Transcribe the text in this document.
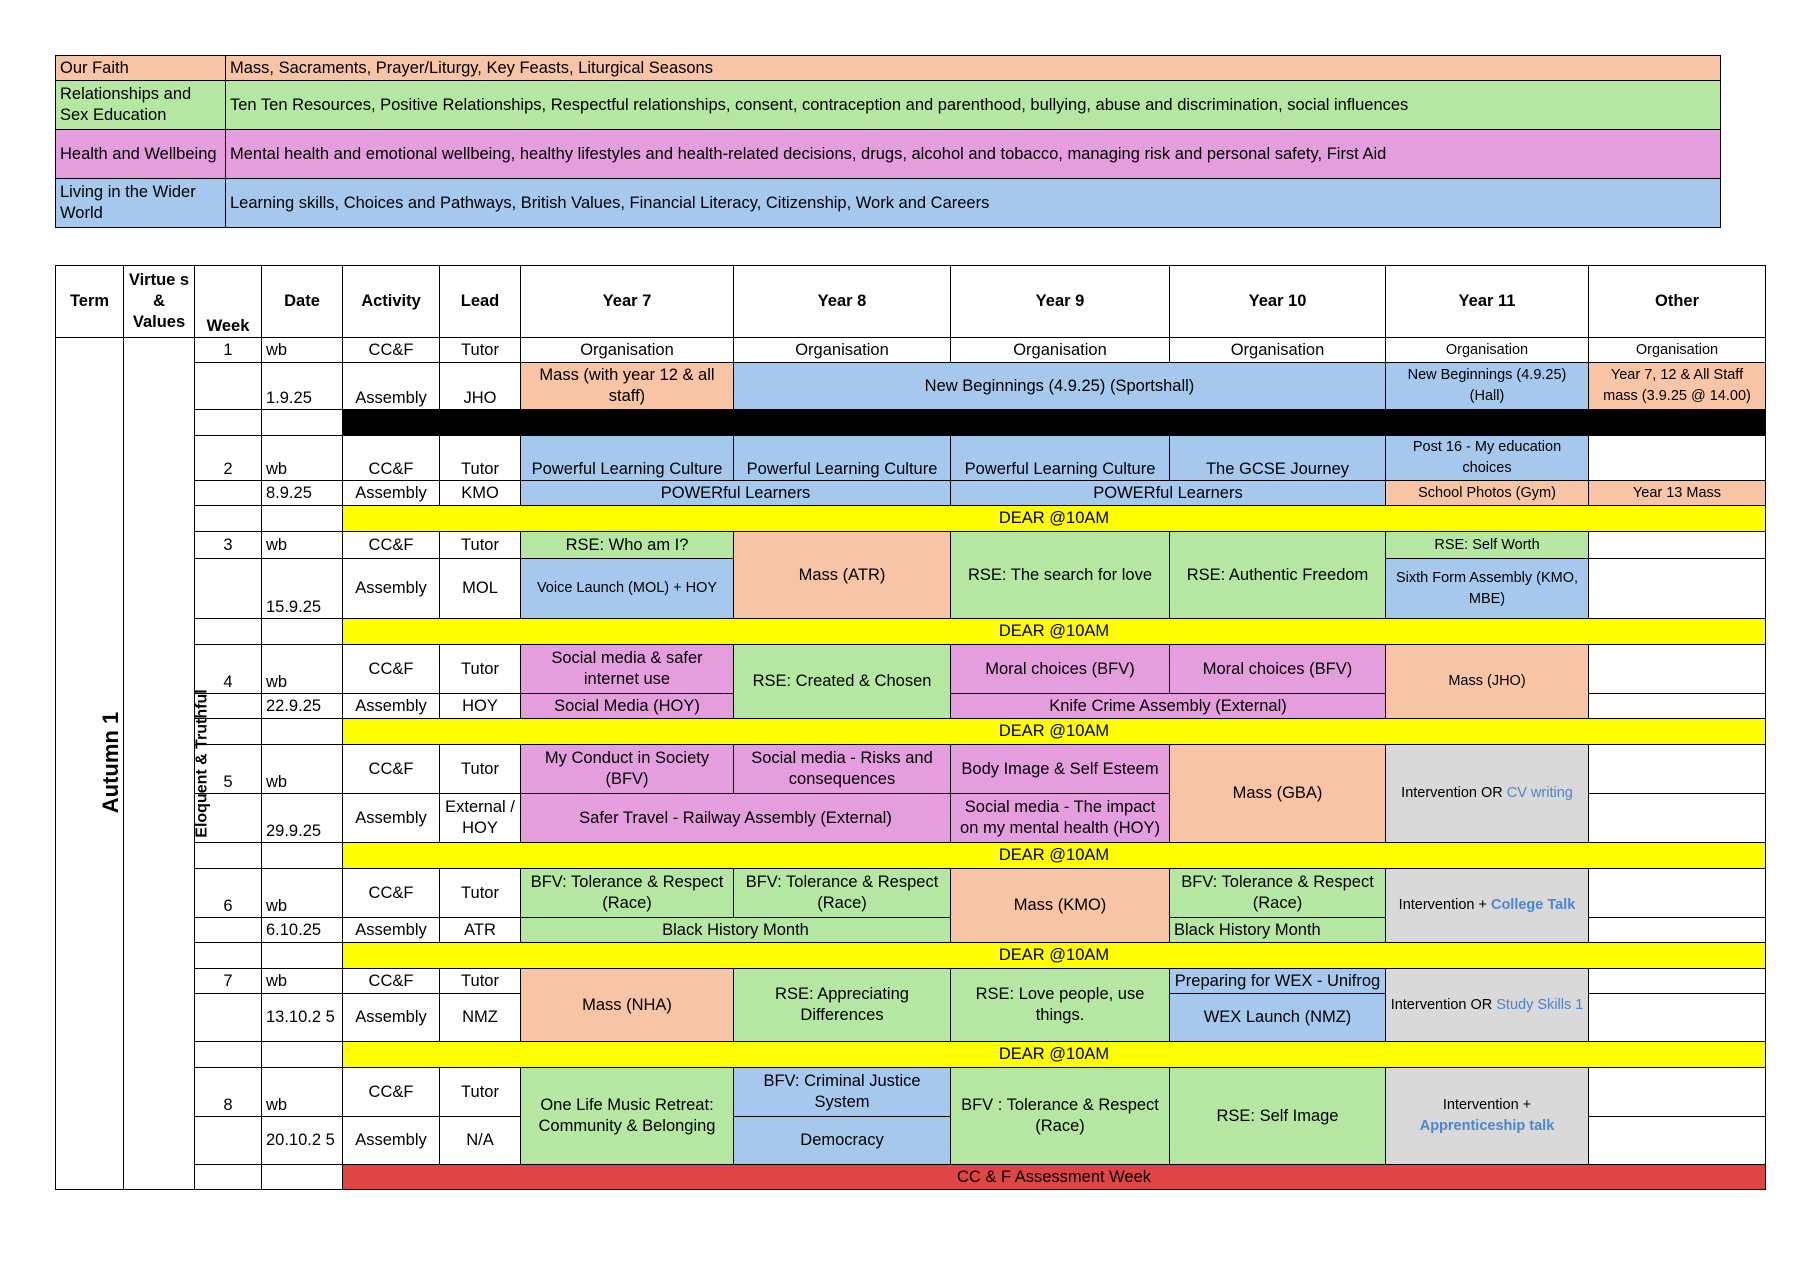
Our Faith	Mass, Sacraments, Prayer/Liturgy, Key Feasts, Liturgical Seasons
Relationships and Sex Education	Ten Ten Resources, Positive Relationships, Respectful relationships, consent, contraception and parenthood, bullying, abuse and discrimination, social influences
Health and Wellbeing	Mental health and emotional wellbeing, healthy lifestyles and health-related decisions, drugs, alcohol and tobacco, managing risk and personal safety, First Aid
Living in the Wider World	Learning skills, Choices and Pathways, British Values, Financial Literacy, Citizenship, Work and Careers
Term	Virtue s & Values	Week	Date	Activity	Lead	Year 7	Year 8	Year 9	Year 10	Year 11	Other
Autumn 1	Eloquent & Truthful	1	wb	CC&F	Tutor	Organisation	Organisation	Organisation	Organisation	Organisation	Organisation
			1.9.25	Assembly	JHO	Mass (with year 12 & all staff)	New Beginnings (4.9.25) (Sportshall)			New Beginnings (4.9.25) (Hall)	Year 7, 12 & All Staff mass (3.9.25 @ 14.00)

		2	wb	CC&F	Tutor	Powerful Learning Culture	Powerful Learning Culture	Powerful Learning Culture	The GCSE Journey	Post 16 - My education choices	
			8.9.25	Assembly	KMO	POWERful Learners		POWERful Learners		School Photos (Gym)	Year 13 Mass
				DEAR @10AM							
		3	wb	CC&F	Tutor	RSE: Who am I?	Mass (ATR)	RSE: The search for love	RSE: Authentic Freedom	RSE: Self Worth	
			15.9.25	Assembly	MOL	Voice Launch (MOL) + HOY				Sixth Form Assembly (KMO, MBE)	
				DEAR @10AM							
		4	wb	CC&F	Tutor	Social media & safer internet use	RSE: Created & Chosen	Moral choices (BFV)	Moral choices (BFV)	Mass (JHO)	
			22.9.25	Assembly	HOY	Social Media (HOY)		Knife Crime Assembly (External)			
				DEAR @10AM							
		5	wb	CC&F	Tutor	My Conduct in Society (BFV)	Social media - Risks and consequences	Body Image & Self Esteem	Mass (GBA)	Intervention OR CV writing	
			29.9.25	Assembly	External / HOY	Safer Travel - Railway Assembly (External)		Social media - The impact on my mental health (HOY)			
				DEAR @10AM							
		6	wb	CC&F	Tutor	BFV: Tolerance & Respect (Race)	BFV: Tolerance & Respect (Race)	Mass (KMO)	BFV: Tolerance & Respect (Race)	Intervention + College Talk	
			6.10.25	Assembly	ATR	Black History Month			Black History Month		
				DEAR @10AM							
		7	wb	CC&F	Tutor	Mass (NHA)	RSE: Appreciating Differences	RSE: Love people, use things.	Preparing for WEX - Unifrog	Intervention OR Study Skills 1	
			13.10.2 5	Assembly	NMZ				WEX Launch (NMZ)		
				DEAR @10AM							
		8	wb	CC&F	Tutor	One Life Music Retreat: Community & Belonging	BFV: Criminal Justice System	BFV : Tolerance & Respect (Race)	RSE: Self Image	Intervention +
Apprenticeship talk	
			20.10.2 5	Assembly	N/A		Democracy				
				CC & F Assessment Week							
